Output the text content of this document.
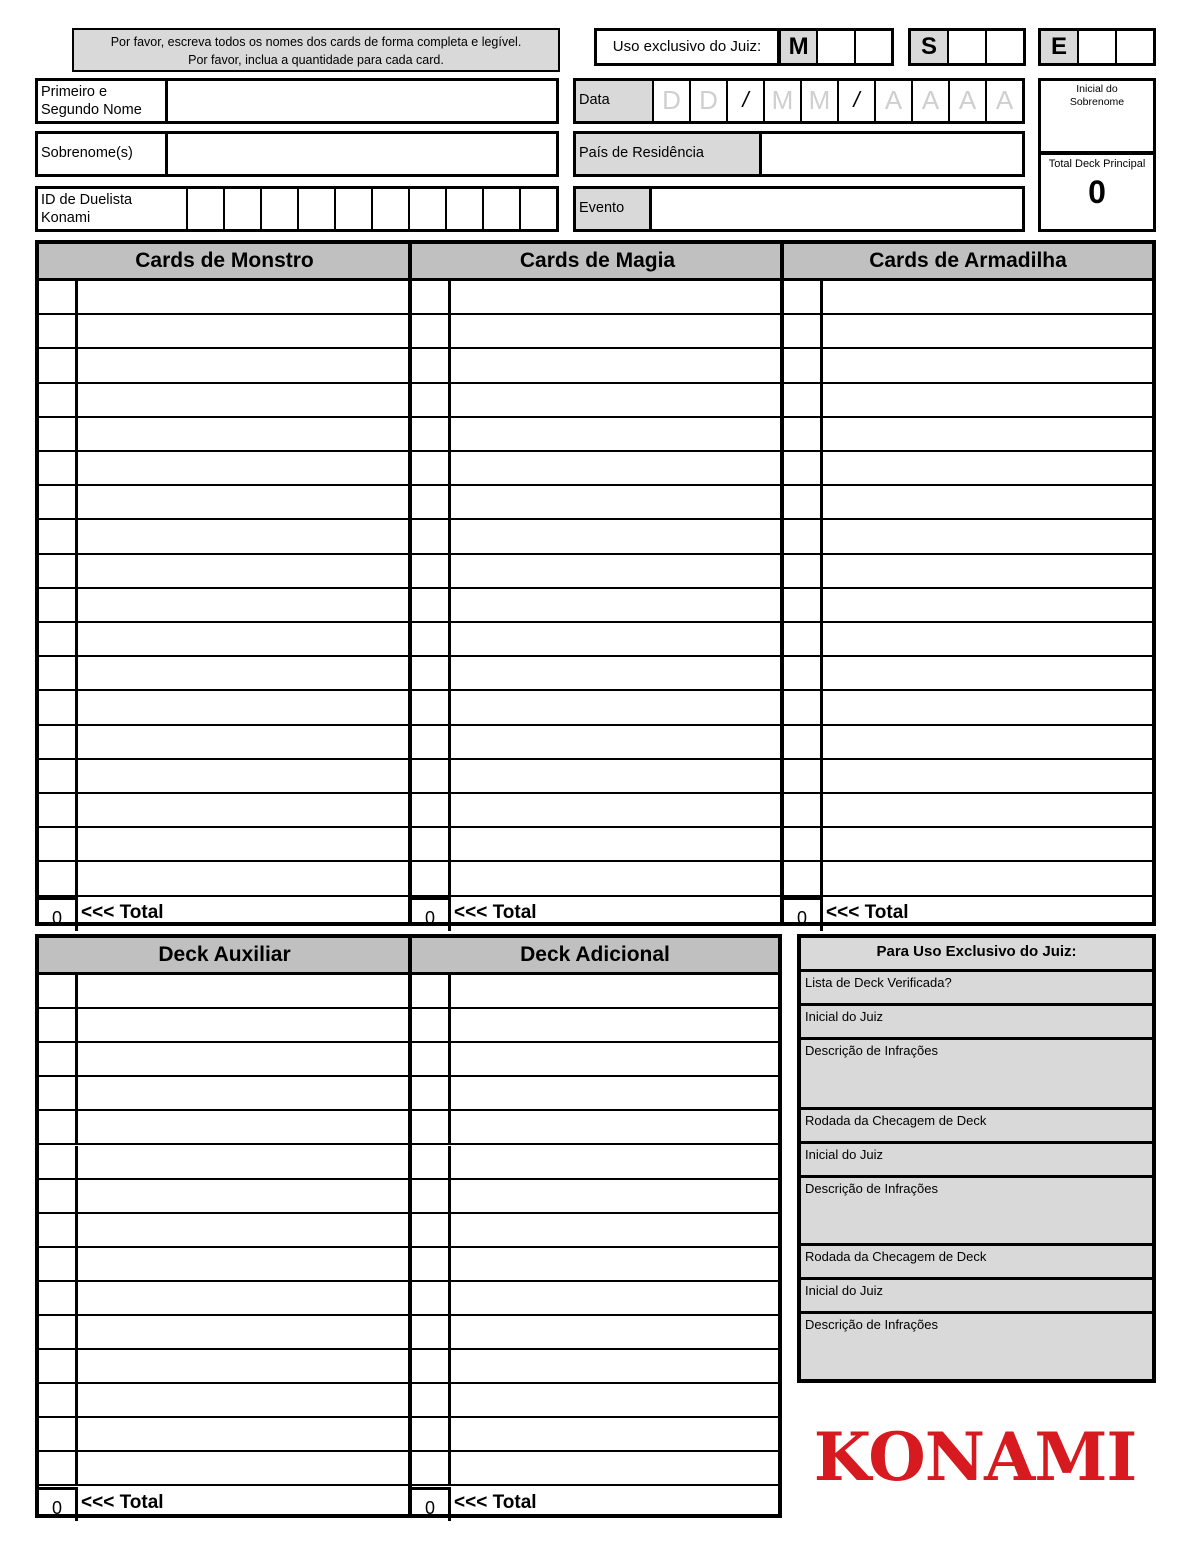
Por favor, escreva todos os nomes dos cards de forma completa e legível.
Por favor, inclua a quantidade para cada card.
Uso exclusivo do Juiz:	M	S	E
Primeiro e
Segundo Nome
Sobrenome(s)
ID de Duelista
Konami
Data	D D	/ M M	/ A A A A
País de Residência
Evento
Inicial do
Sobrenome
Total Deck Principal
0
Cards de Monstro
0	<<< Total
Cards de Magia
0	<<< Total
Cards de Armadilha
0	<<< Total
Deck Auxiliar
0	<<< Total
Deck Adicional
0	<<< Total
Para Uso Exclusivo do Juiz:
Lista de Deck Verificada?
Inicial do Juiz
Descrição de Infrações
Rodada da Checagem de Deck
Inicial do Juiz
Descrição de Infrações
Rodada da Checagem de Deck
Inicial do Juiz
Descrição de Infrações
KONAMI
